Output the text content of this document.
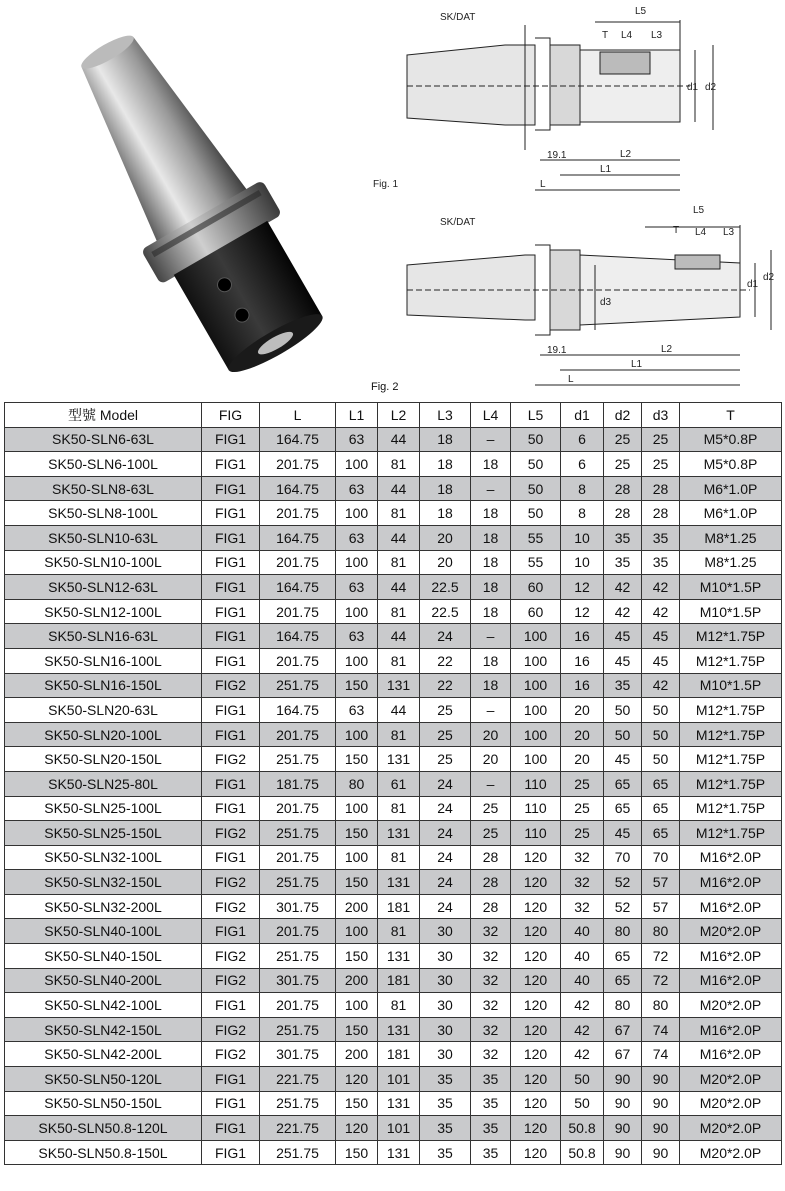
SK/DAT
L5
T L4 L3
d1 d2
19.1	L2
L1
L
Fig. 1
SK/DAT
L5
T L4 L3
d1
d2
d3
19.1	L2
L1
L
Fig. 2
型號 Model	FIG	L	L1	L2	L3	L4	L5	d1	d2	d3	T
SK50-SLN6-63L	FIG1	164.75	63	44	18	–	50	6	25	25	M5*0.8P
SK50-SLN6-100L	FIG1	201.75	100	81	18	18	50	6	25	25	M5*0.8P
SK50-SLN8-63L	FIG1	164.75	63	44	18	–	50	8	28	28	M6*1.0P
SK50-SLN8-100L	FIG1	201.75	100	81	18	18	50	8	28	28	M6*1.0P
SK50-SLN10-63L	FIG1	164.75	63	44	20	18	55	10	35	35	M8*1.25
SK50-SLN10-100L	FIG1	201.75	100	81	20	18	55	10	35	35	M8*1.25
SK50-SLN12-63L	FIG1	164.75	63	44	22.5	18	60	12	42	42	M10*1.5P
SK50-SLN12-100L	FIG1	201.75	100	81	22.5	18	60	12	42	42	M10*1.5P
SK50-SLN16-63L	FIG1	164.75	63	44	24	–	100	16	45	45	M12*1.75P
SK50-SLN16-100L	FIG1	201.75	100	81	22	18	100	16	45	45	M12*1.75P
SK50-SLN16-150L	FIG2	251.75	150	131	22	18	100	16	35	42	M10*1.5P
SK50-SLN20-63L	FIG1	164.75	63	44	25	–	100	20	50	50	M12*1.75P
SK50-SLN20-100L	FIG1	201.75	100	81	25	20	100	20	50	50	M12*1.75P
SK50-SLN20-150L	FIG2	251.75	150	131	25	20	100	20	45	50	M12*1.75P
SK50-SLN25-80L	FIG1	181.75	80	61	24	–	110	25	65	65	M12*1.75P
SK50-SLN25-100L	FIG1	201.75	100	81	24	25	110	25	65	65	M12*1.75P
SK50-SLN25-150L	FIG2	251.75	150	131	24	25	110	25	45	65	M12*1.75P
SK50-SLN32-100L	FIG1	201.75	100	81	24	28	120	32	70	70	M16*2.0P
SK50-SLN32-150L	FIG2	251.75	150	131	24	28	120	32	52	57	M16*2.0P
SK50-SLN32-200L	FIG2	301.75	200	181	24	28	120	32	52	57	M16*2.0P
SK50-SLN40-100L	FIG1	201.75	100	81	30	32	120	40	80	80	M20*2.0P
SK50-SLN40-150L	FIG2	251.75	150	131	30	32	120	40	65	72	M16*2.0P
SK50-SLN40-200L	FIG2	301.75	200	181	30	32	120	40	65	72	M16*2.0P
SK50-SLN42-100L	FIG1	201.75	100	81	30	32	120	42	80	80	M20*2.0P
SK50-SLN42-150L	FIG2	251.75	150	131	30	32	120	42	67	74	M16*2.0P
SK50-SLN42-200L	FIG2	301.75	200	181	30	32	120	42	67	74	M16*2.0P
SK50-SLN50-120L	FIG1	221.75	120	101	35	35	120	50	90	90	M20*2.0P
SK50-SLN50-150L	FIG1	251.75	150	131	35	35	120	50	90	90	M20*2.0P
SK50-SLN50.8-120L	FIG1	221.75	120	101	35	35	120	50.8	90	90	M20*2.0P
SK50-SLN50.8-150L	FIG1	251.75	150	131	35	35	120	50.8	90	90	M20*2.0P
